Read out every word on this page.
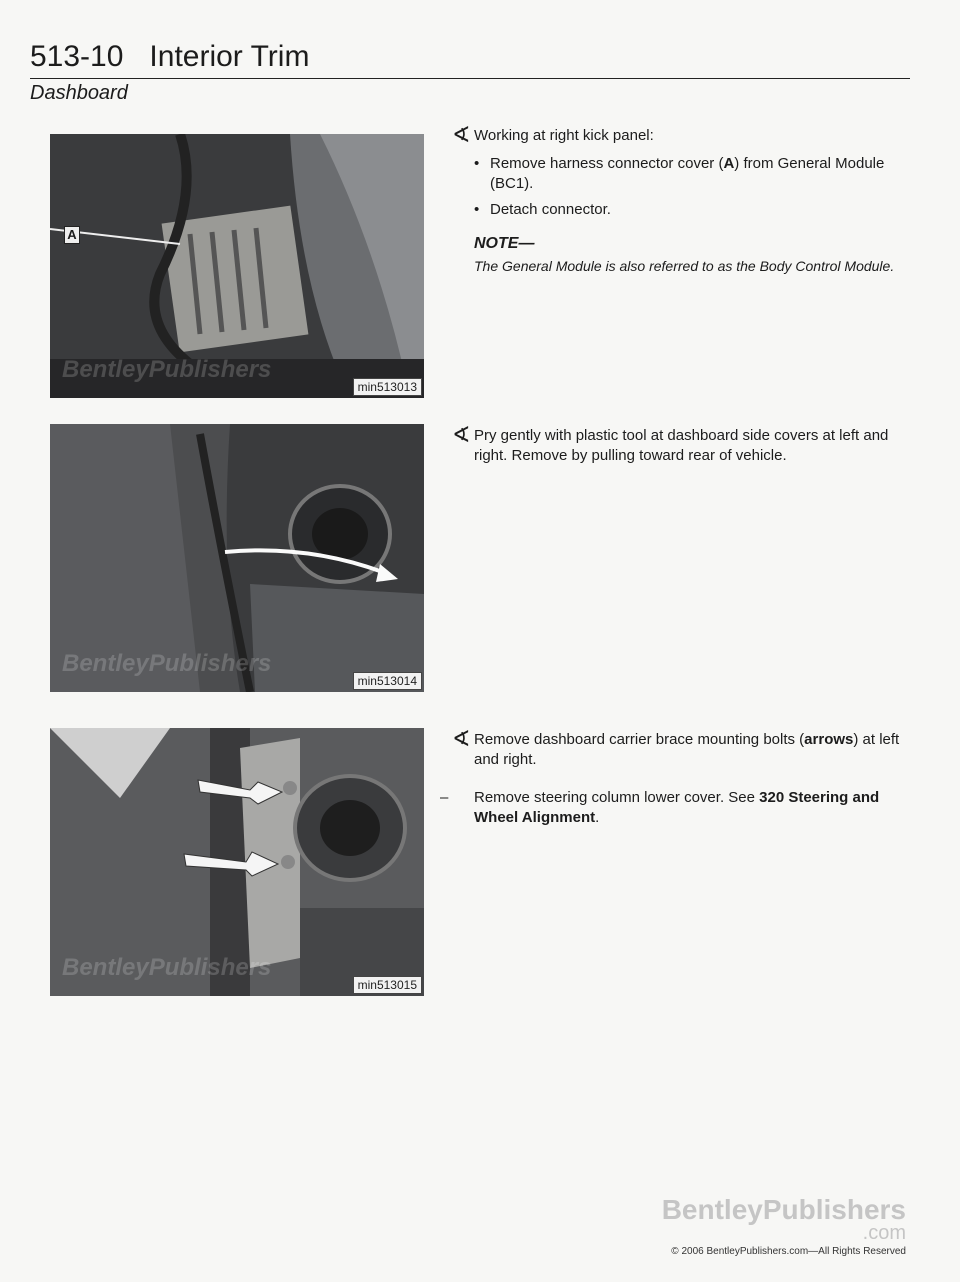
513-10 Interior Trim
Dashboard
A
BentleyPublishers
min513013
BentleyPublishers
min513014
BentleyPublishers
min513015
∢ Working at right kick panel:
• Remove harness connector cover (A) from General Module (BC1).
• Detach connector.
NOTE—
The General Module is also referred to as the Body Control Module.
∢ Pry gently with plastic tool at dashboard side covers at left and right. Remove by pulling toward rear of vehicle.
∢ Remove dashboard carrier brace mounting bolts (arrows) at left and right.
– Remove steering column lower cover. See 320 Steering and Wheel Alignment.
BentleyPublishers
.com
© 2006 BentleyPublishers.com—All Rights Reserved
